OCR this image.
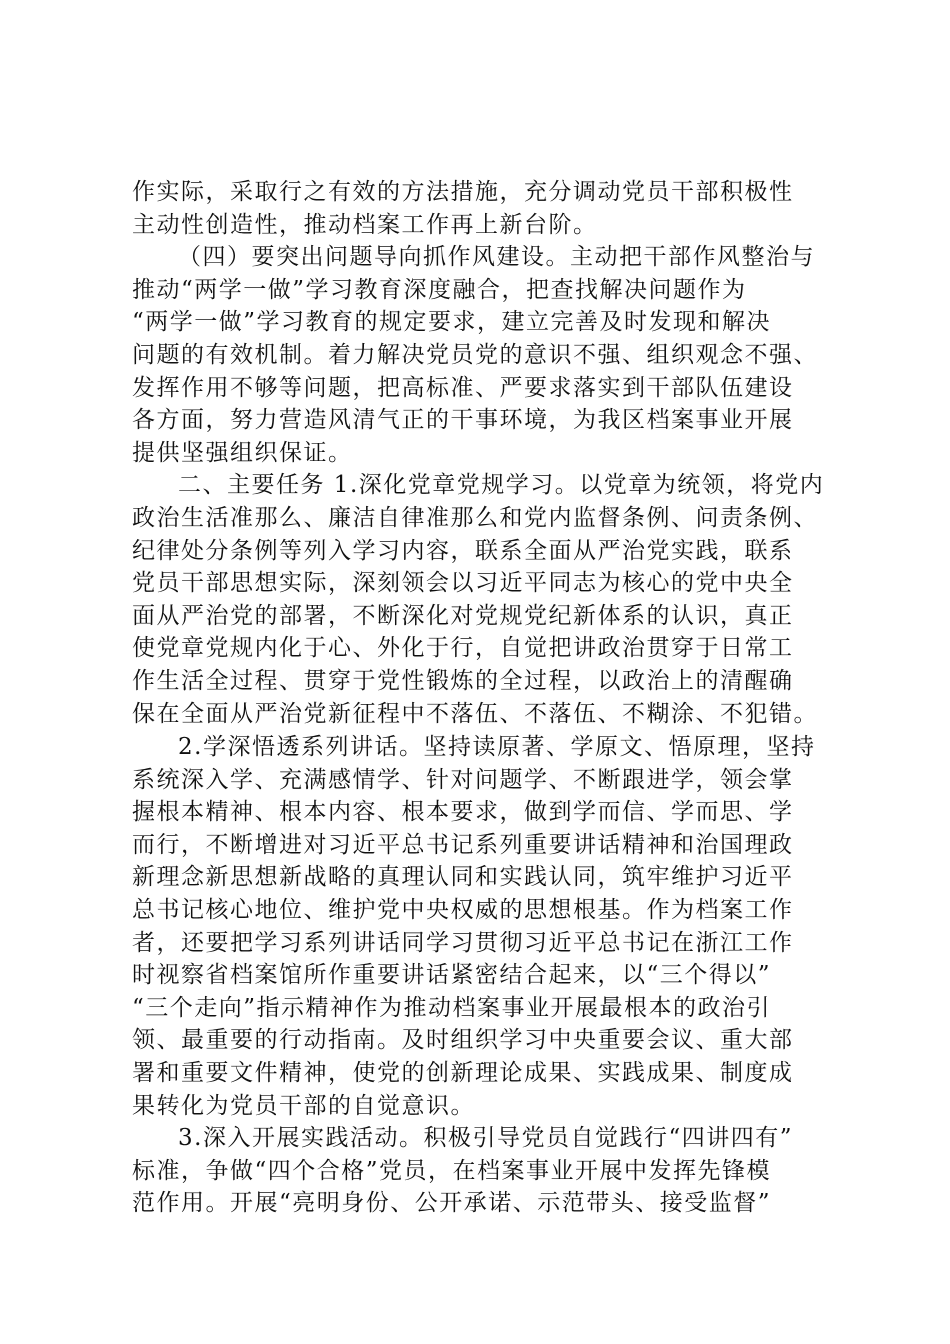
作实际，采取行之有效的方法措施，充分调动党员干部积极性
主动性创造性，推动档案工作再上新台阶。
（四）要突出问题导向抓作风建设。主动把干部作风整治与
推动“两学一做”学习教育深度融合，把查找解决问题作为
“两学一做”学习教育的规定要求，建立完善及时发现和解决
问题的有效机制。着力解决党员党的意识不强、组织观念不强、
发挥作用不够等问题，把高标准、严要求落实到干部队伍建设
各方面，努力营造风清气正的干事环境，为我区档案事业开展
提供坚强组织保证。
二、主要任务 1.深化党章党规学习。以党章为统领，将党内
政治生活准那么、廉洁自律准那么和党内监督条例、问责条例、
纪律处分条例等列入学习内容，联系全面从严治党实践，联系
党员干部思想实际，深刻领会以习近平同志为核心的党中央全
面从严治党的部署，不断深化对党规党纪新体系的认识，真正
使党章党规内化于心、外化于行，自觉把讲政治贯穿于日常工
作生活全过程、贯穿于党性锻炼的全过程，以政治上的清醒确
保在全面从严治党新征程中不落伍、不落伍、不糊涂、不犯错。
2.学深悟透系列讲话。坚持读原著、学原文、悟原理，坚持
系统深入学、充满感情学、针对问题学、不断跟进学，领会掌
握根本精神、根本内容、根本要求，做到学而信、学而思、学
而行，不断增进对习近平总书记系列重要讲话精神和治国理政
新理念新思想新战略的真理认同和实践认同，筑牢维护习近平
总书记核心地位、维护党中央权威的思想根基。作为档案工作
者，还要把学习系列讲话同学习贯彻习近平总书记在浙江工作
时视察省档案馆所作重要讲话紧密结合起来，以“三个得以”
“三个走向”指示精神作为推动档案事业开展最根本的政治引
领、最重要的行动指南。及时组织学习中央重要会议、重大部
署和重要文件精神，使党的创新理论成果、实践成果、制度成
果转化为党员干部的自觉意识。
3.深入开展实践活动。积极引导党员自觉践行“四讲四有”
标准，争做“四个合格”党员，在档案事业开展中发挥先锋模
范作用。开展“亮明身份、公开承诺、示范带头、接受监督”
